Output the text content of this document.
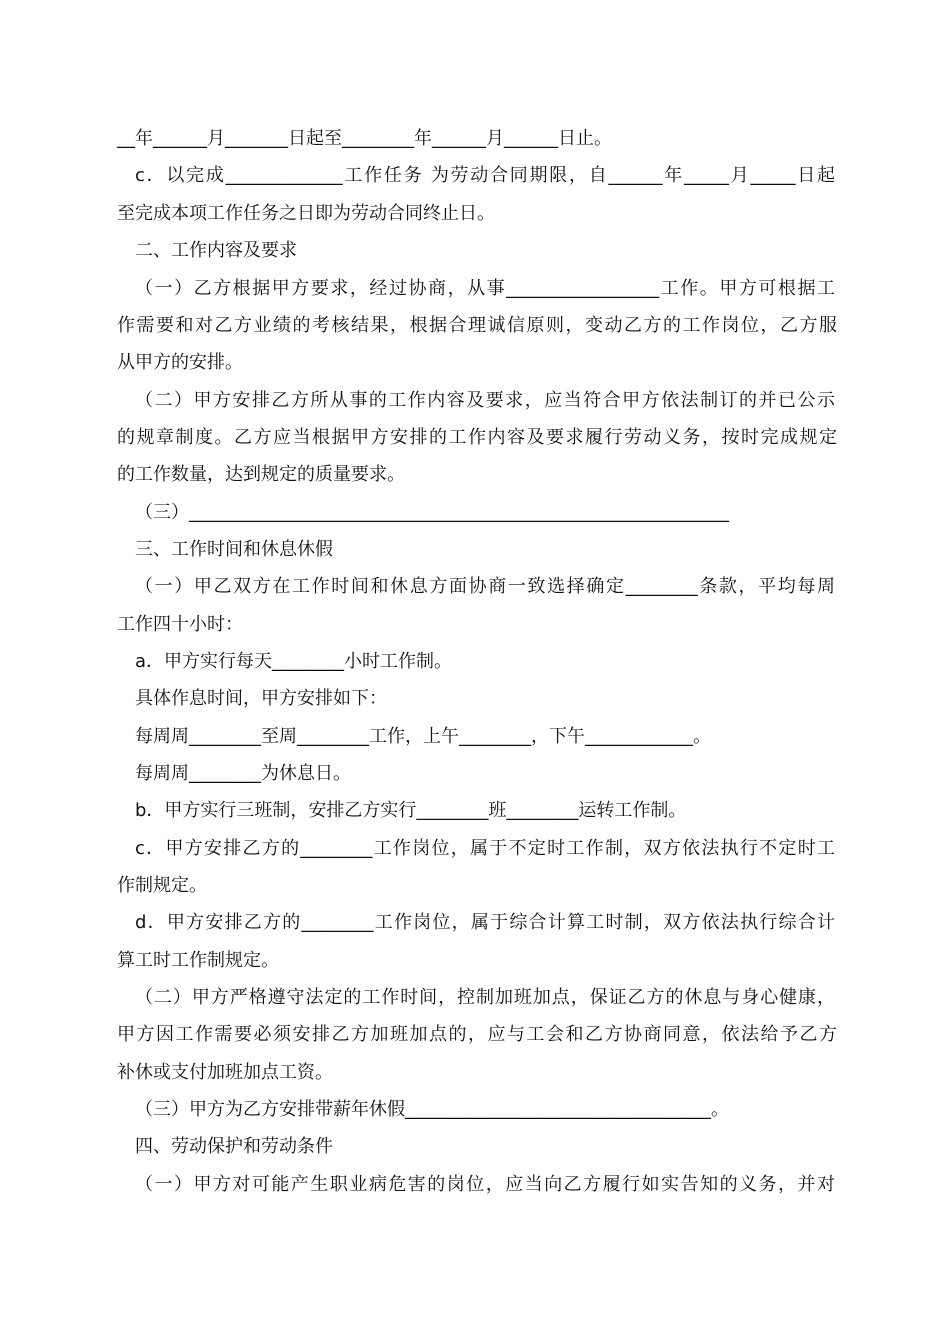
__年______月_______日起至________年______月______日止。
c．以完成_____________工作任务 为劳动合同期限，自______年_____月_____日起
至完成本项工作任务之日即为劳动合同终止日。
二、工作内容及要求
（一）乙方根据甲方要求，经过协商，从事_________________工作。甲方可根据工
作需要和对乙方业绩的考核结果，根据合理诚信原则，变动乙方的工作岗位，乙方服
从甲方的安排。
（二）甲方安排乙方所从事的工作内容及要求，应当符合甲方依法制订的并已公示
的规章制度。乙方应当根据甲方安排的工作内容及要求履行劳动义务，按时完成规定
的工作数量，达到规定的质量要求。
（三）____________________________________________________________
三、工作时间和休息休假
（一）甲乙双方在工作时间和休息方面协商一致选择确定________条款，平均每周
工作四十小时：
a．甲方实行每天________小时工作制。
具体作息时间，甲方安排如下：
每周周________至周________工作，上午________，下午____________。
每周周________为休息日。
b．甲方实行三班制，安排乙方实行________班________运转工作制。
c．甲方安排乙方的________工作岗位，属于不定时工作制，双方依法执行不定时工
作制规定。
d．甲方安排乙方的________工作岗位，属于综合计算工时制，双方依法执行综合计
算工时工作制规定。
（二）甲方严格遵守法定的工作时间，控制加班加点，保证乙方的休息与身心健康，
甲方因工作需要必须安排乙方加班加点的，应与工会和乙方协商同意，依法给予乙方
补休或支付加班加点工资。
（三）甲方为乙方安排带薪年休假__________________________________。
四、劳动保护和劳动条件
（一）甲方对可能产生职业病危害的岗位，应当向乙方履行如实告知的义务，并对
